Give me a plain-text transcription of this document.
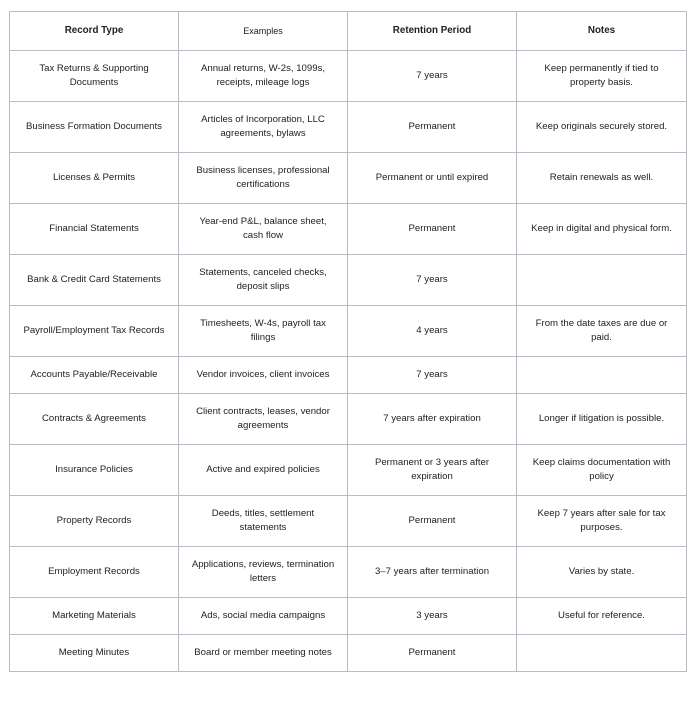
Record Type	Examples	Retention Period	Notes
Tax Returns & Supporting Documents	Annual returns, W-2s, 1099s, receipts, mileage logs	7 years	Keep permanently if tied to property basis.
Business Formation Documents	Articles of Incorporation, LLC agreements, bylaws	Permanent	Keep originals securely stored.
Licenses & Permits	Business licenses, professional certifications	Permanent or until expired	Retain renewals as well.
Financial Statements	Year-end P&L, balance sheet, cash flow	Permanent	Keep in digital and physical form.
Bank & Credit Card Statements	Statements, canceled checks, deposit slips	7 years	
Payroll/Employment Tax Records	Timesheets, W-4s, payroll tax filings	4 years	From the date taxes are due or paid.
Accounts Payable/Receivable	Vendor invoices, client invoices	7 years	
Contracts & Agreements	Client contracts, leases, vendor agreements	7 years after expiration	Longer if litigation is possible.
Insurance Policies	Active and expired policies	Permanent or 3 years after expiration	Keep claims documentation with policy
Property Records	Deeds, titles, settlement statements	Permanent	Keep 7 years after sale for tax purposes.
Employment Records	Applications, reviews, termination letters	3–7 years after termination	Varies by state.
Marketing Materials	Ads, social media campaigns	3 years	Useful for reference.
Meeting Minutes	Board or member meeting notes	Permanent	
